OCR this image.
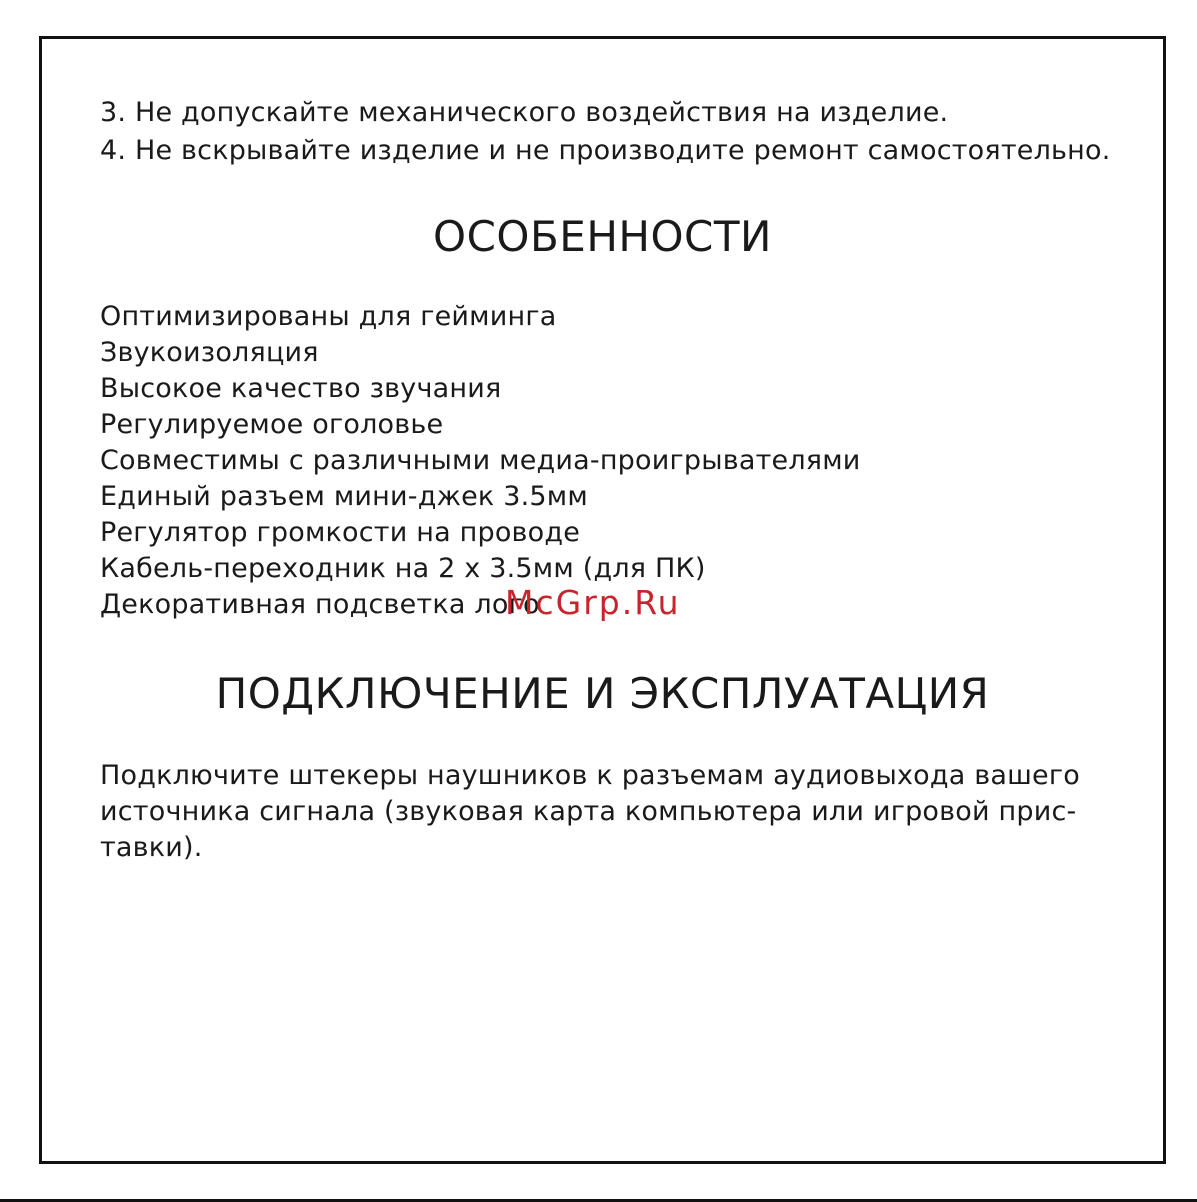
3. Не допускайте механического воздействия на изделие.
4. Не вскрывайте изделие и не производите ремонт самостоятельно.
ОСОБЕННОСТИ
Оптимизированы для гейминга
Звукоизоляция
Высокое качество звучания
Регулируемое оголовье
Совместимы с различными медиа-проигрывателями
Единый разъем мини-джек 3.5мм
Регулятор громкости на проводе
Кабель-переходник на 2 х 3.5мм (для ПК)
Декоративная подсветка лого
McGrp.Ru
ПОДКЛЮЧЕНИЕ И ЭКСПЛУАТАЦИЯ

Подключите штекеры наушников к разъемам аудиовыхода вашего
источника сигнала (звуковая карта компьютера или игровой прис-
тавки).
